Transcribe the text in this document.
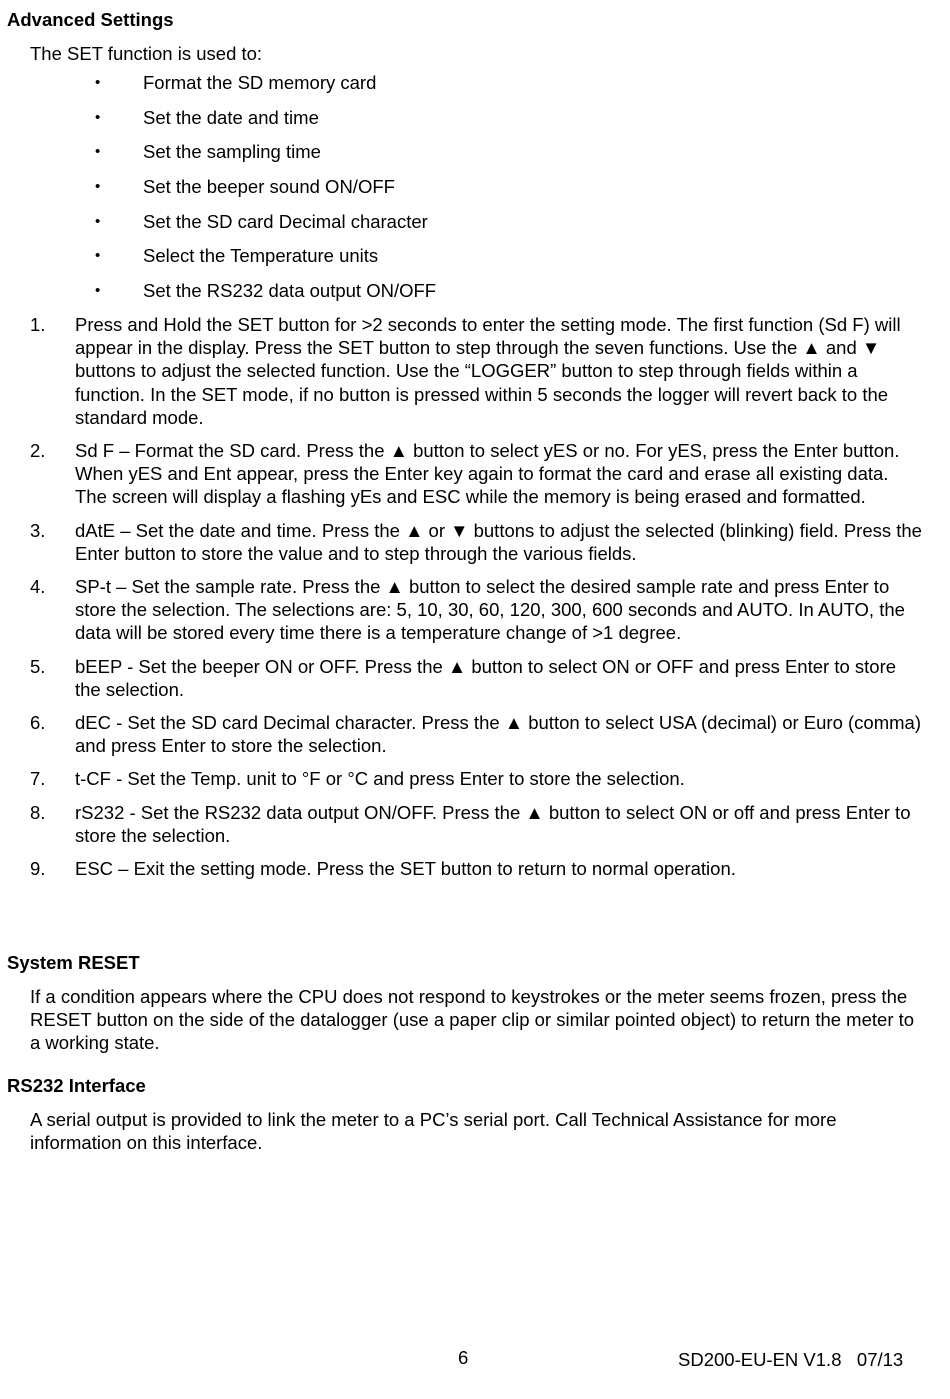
Advanced Settings

The SET function is used to:

• Format the SD memory card
• Set the date and time
• Set the sampling time
• Set the beeper sound ON/OFF
• Set the SD card Decimal character
• Select the Temperature units
• Set the RS232 data output ON/OFF
1. Press and Hold the SET button for >2 seconds to enter the setting mode. The first function (Sd F) will appear in the display. Press the SET button to step through the seven functions. Use the ▲ and ▼ buttons to adjust the selected function. Use the “LOGGER” button to step through fields within a function. In the SET mode, if no button is pressed within 5 seconds the logger will revert back to the standard mode.
2. Sd F – Format the SD card. Press the ▲ button to select yES or no. For yES, press the Enter button. When yES and Ent appear, press the Enter key again to format the card and erase all existing data. The screen will display a flashing yEs and ESC while the memory is being erased and formatted.
3. dAtE – Set the date and time. Press the ▲ or ▼ buttons to adjust the selected (blinking) field. Press the Enter button to store the value and to step through the various fields.
4. SP-t – Set the sample rate. Press the ▲ button to select the desired sample rate and press Enter to store the selection. The selections are: 5, 10, 30, 60, 120, 300, 600 seconds and AUTO. In AUTO, the data will be stored every time there is a temperature change of >1 degree.
5. bEEP - Set the beeper ON or OFF. Press the ▲ button to select ON or OFF and press Enter to store the selection.
6. dEC - Set the SD card Decimal character. Press the ▲ button to select USA (decimal) or Euro (comma) and press Enter to store the selection.
7. t-CF - Set the Temp. unit to °F or °C and press Enter to store the selection.
8. rS232 - Set the RS232 data output ON/OFF. Press the ▲ button to select ON or off and press Enter to store the selection.
9. ESC – Exit the setting mode. Press the SET button to return to normal operation.
System RESET

If a condition appears where the CPU does not respond to keystrokes or the meter seems frozen, press the RESET button on the side of the datalogger (use a paper clip or similar pointed object) to return the meter to a working state.

RS232 Interface

A serial output is provided to link the meter to a PC’s serial port. Call Technical Assistance for more information on this interface.

6	SD200-EU-EN V1.8   07/13
